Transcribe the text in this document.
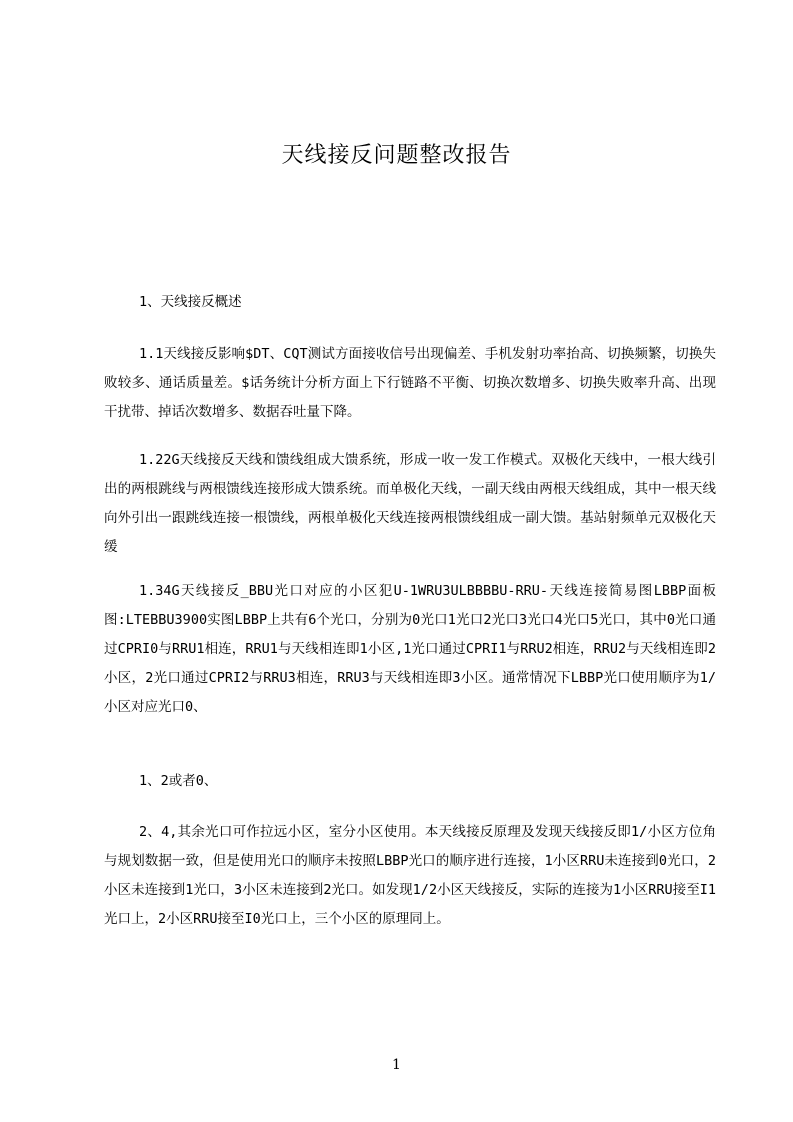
天线接反问题整改报告
1、天线接反概述
1.1天线接反影响$DT、CQT测试方面接收信号出现偏差、手机发射功率抬高、切换频繁，切换失败较多、通话质量差。$话务统计分析方面上下行链路不平衡、切换次数增多、切换失败率升高、出现干扰带、掉话次数增多、数据吞吐量下降。
1.22G天线接反天线和馈线组成大馈系统，形成一收一发工作模式。双极化天线中，一根大线引出的两根跳线与两根馈线连接形成大馈系统。而单极化天线，一副天线由两根天线组成，其中一根天线向外引出一跟跳线连接一根馈线，两根单极化天线连接两根馈线组成一副大馈。基站射频单元双极化天缓
1.34G天线接反_BBU光口对应的小区犯U-1WRU3ULBBBBU-RRU-天线连接简易图LBBP面板图:LTEBBU3900实图LBBP上共有6个光口，分别为0光口1光口2光口3光口4光口5光口，其中0光口通过CPRI0与RRU1相连，RRU1与天线相连即1小区,1光口通过CPRI1与RRU2相连，RRU2与天线相连即2小区，2光口通过CPRI2与RRU3相连，RRU3与天线相连即3小区。通常情况下LBBP光口使用顺序为1/小区对应光口0、
1、2或者0、
2、4,其余光口可作拉远小区，室分小区使用。本天线接反原理及发现天线接反即1/小区方位角与规划数据一致，但是使用光口的顺序未按照LBBP光口的顺序进行连接，1小区RRU未连接到0光口，2小区未连接到1光口，3小区未连接到2光口。如发现1/2小区天线接反，实际的连接为1小区RRU接至I1光口上，2小区RRU接至I0光口上，三个小区的原理同上。
1
